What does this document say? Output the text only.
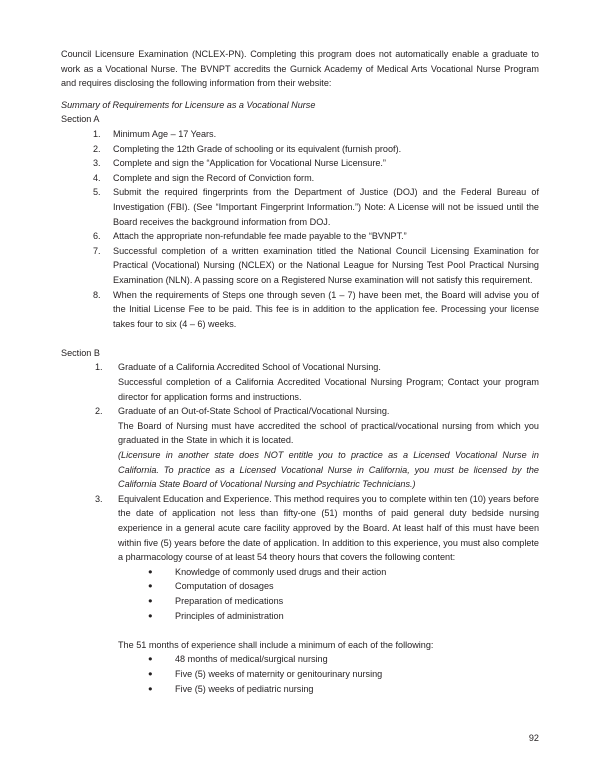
Council Licensure Examination (NCLEX-PN). Completing this program does not automatically enable a graduate to work as a Vocational Nurse. The BVNPT accredits the Gurnick Academy of Medical Arts Vocational Nurse Program and requires disclosing the following information from their website:

Summary of Requirements for Licensure as a Vocational Nurse

Section A

1. Minimum Age – 17 Years.
2. Completing the 12th Grade of schooling or its equivalent (furnish proof).
3. Complete and sign the “Application for Vocational Nurse Licensure.”
4. Complete and sign the Record of Conviction form.
5. Submit the required fingerprints from the Department of Justice (DOJ) and the Federal Bureau of Investigation (FBI). (See “Important Fingerprint Information.”) Note: A License will not be issued until the Board receives the background information from DOJ.
6. Attach the appropriate non-refundable fee made payable to the “BVNPT.”
7. Successful completion of a written examination titled the National Council Licensing Examination for Practical (Vocational) Nursing (NCLEX) or the National League for Nursing Test Pool Practical Nursing Examination (NLN). A passing score on a Registered Nurse examination will not satisfy this requirement.
8. When the requirements of Steps one through seven (1 – 7) have been met, the Board will advise you of the Initial License Fee to be paid. This fee is in addition to the application fee. Processing your license takes four to six (4 – 6) weeks.

Section B

1. Graduate of a California Accredited School of Vocational Nursing.
Successful completion of a California Accredited Vocational Nursing Program; Contact your program director for application forms and instructions.
2. Graduate of an Out-of-State School of Practical/Vocational Nursing.
The Board of Nursing must have accredited the school of practical/vocational nursing from which you graduated in the State in which it is located.
(Licensure in another state does NOT entitle you to practice as a Licensed Vocational Nurse in California. To practice as a Licensed Vocational Nurse in California, you must be licensed by the California State Board of Vocational Nursing and Psychiatric Technicians.)
3. Equivalent Education and Experience. This method requires you to complete within ten (10) years before the date of application not less than fifty-one (51) months of paid general duty bedside nursing experience in a general acute care facility approved by the Board. At least half of this must have been within five (5) years before the date of application. In addition to this experience, you must also complete a pharmacology course of at least 54 theory hours that covers the following content:
● Knowledge of commonly used drugs and their action
● Computation of dosages
● Preparation of medications
● Principles of administration

The 51 months of experience shall include a minimum of each of the following:

● 48 months of medical/surgical nursing
● Five (5) weeks of maternity or genitourinary nursing
● Five (5) weeks of pediatric nursing
92
